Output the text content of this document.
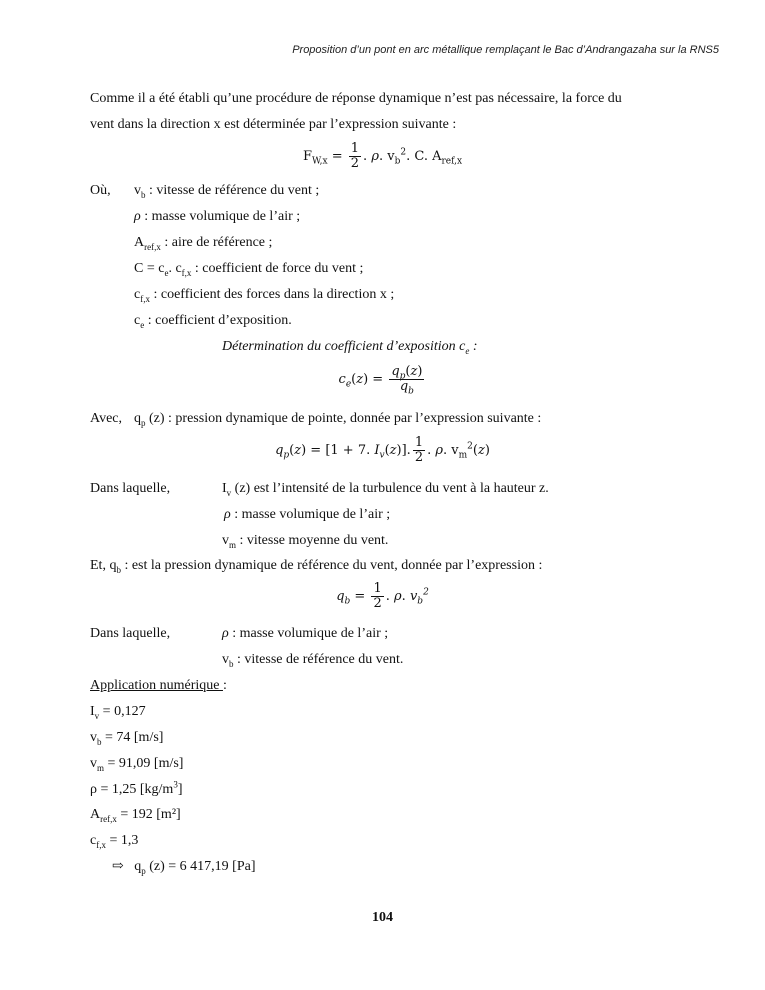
Proposition d’un pont en arc métallique remplaçant le Bac d’Andrangazaha sur la RNS5
Comme il a été établi qu’une procédure de réponse dynamique n’est pas nécessaire, la force du
vent dans la direction x est déterminée par l’expression suivante :
$F_{W,x} = \frac{1}{2}$ . ρ. $v_b^2$. C. $A_{ref,x}$
Où, $v_b$ : vitesse de référence du vent ;
ρ : masse volumique de l’air ;
$A_{ref,x}$ : aire de référence ;
$C = c_e$. $c_{f,x}$ : coefficient de force du vent ;
$c_{f,x}$ : coefficient des forces dans la direction x ;
$c_e$ : coefficient d’exposition.
Détermination du coefficient d’exposition $c_e$ :
$c_e(z) = \frac{q_p(z)}{q_b}$
Avec, $q_p$ (z) : pression dynamique de pointe, donnée par l’expression suivante :
$q_p(z) = [1 + 7$. $I_v(z)$]. $\frac{1}{2}$ . ρ. $v_m^2(z)$
Dans laquelle,	$I_v$ (z) est l’intensité de la turbulence du vent à la hauteur z.
ρ : masse volumique de l’air ;
$v_m$ : vitesse moyenne du vent.
Et, $q_b$ : est la pression dynamique de référence du vent, donnée par l’expression :
$q_b = \frac{1}{2}$ . ρ. $v_b^2$
Dans laquelle,	ρ : masse volumique de l’air ;
$v_b$ : vitesse de référence du vent.
Application numérique :
$I_v = 0,127$
$v_b = 74$ [m/s]
$v_m = 91,09$ [m/s]
ρ = 1,25 $[kg/m^3]$
$A_{ref,x} = 192$ [m²]
$c_{f,x} = 1,3$
⇨   $q_p$ (z) = 6 417,19 [Pa]
104
